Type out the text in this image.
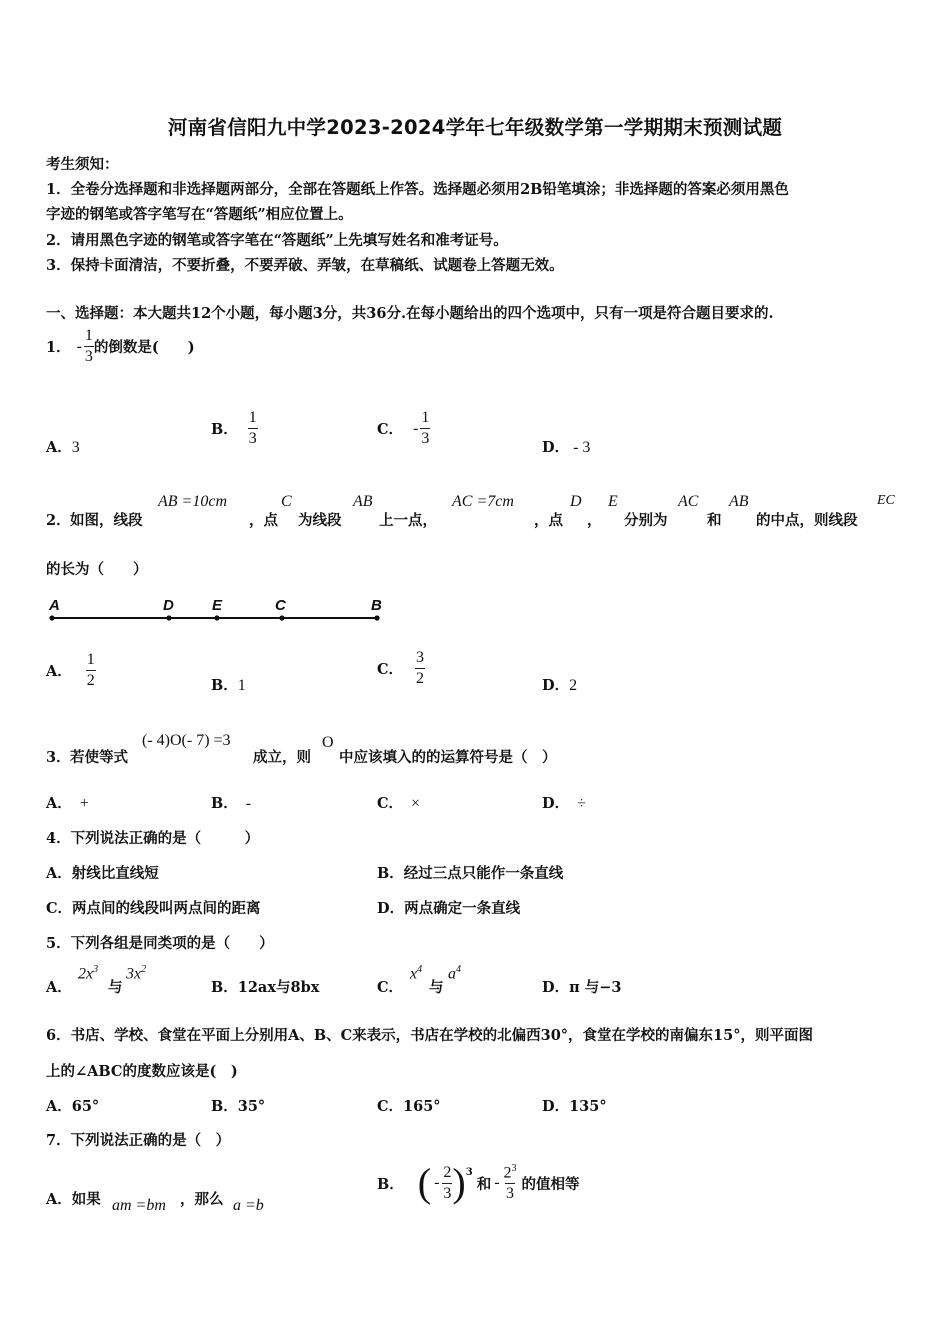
河南省信阳九中学2023-2024学年七年级数学第一学期期末预测试题
考生须知：
1．全卷分选择题和非选择题两部分，全部在答题纸上作答。选择题必须用2B铅笔填涂；非选择题的答案必须用黑色
字迹的钢笔或答字笔写在“答题纸”相应位置上。
2．请用黑色字迹的钢笔或答字笔在“答题纸”上先填写姓名和准考证号。
3．保持卡面清洁，不要折叠，不要弄破、弄皱，在草稿纸、试题卷上答题无效。
一、选择题：本大题共12个小题，每小题3分，共36分.在每小题给出的四个选项中，只有一项是符合题目要求的.
1． - $\frac{1}{3}$ 的倒数是(　　)
A．3
B． $\frac{1}{3}$	C． - $\frac{1}{3}$
D． - 3
2． 如图，线段
AB =10cm
，点
C
为线段
AB
上一点，
AC =7cm
，点
D
，
E
分别为
AC
和
AB
的中点，则线段
EC
的长为（　　）
A	D	E	C	B
A． $\frac{1}{2}$	B．1
C． $\frac{3}{2}$	D．2
3． 若使等式
(- 4)O(- 7) =3
成立，则
O
中应该填入的的运算符号是（　）
A． +	B． -	C． ×	D． ÷
4．下列说法正确的是（　　　）
A．射线比直线短	B．经过三点只能作一条直线
C．两点间的线段叫两点间的距离	D．两点确定一条直线
5．下列各组是同类项的是（　　）
A．
$2x^3$
与
$3x^2$
B．12ax与8bx	C．
$x^4$
与
$a^4$
D．π 与−3
6．书店、学校、食堂在平面上分别用A、B、C来表示，书店在学校的北偏西30°，食堂在学校的南偏东15°，则平面图
上的∠ABC的度数应该是(　)
A．65°	B．35°	C．165°	D．135°
7．下列说法正确的是（　）
A．如果 am =bm ，那么 a =b
B． ( - $\frac{2}{3} )^3$
和 - $\frac{2^3}{3}$ 的值相等
